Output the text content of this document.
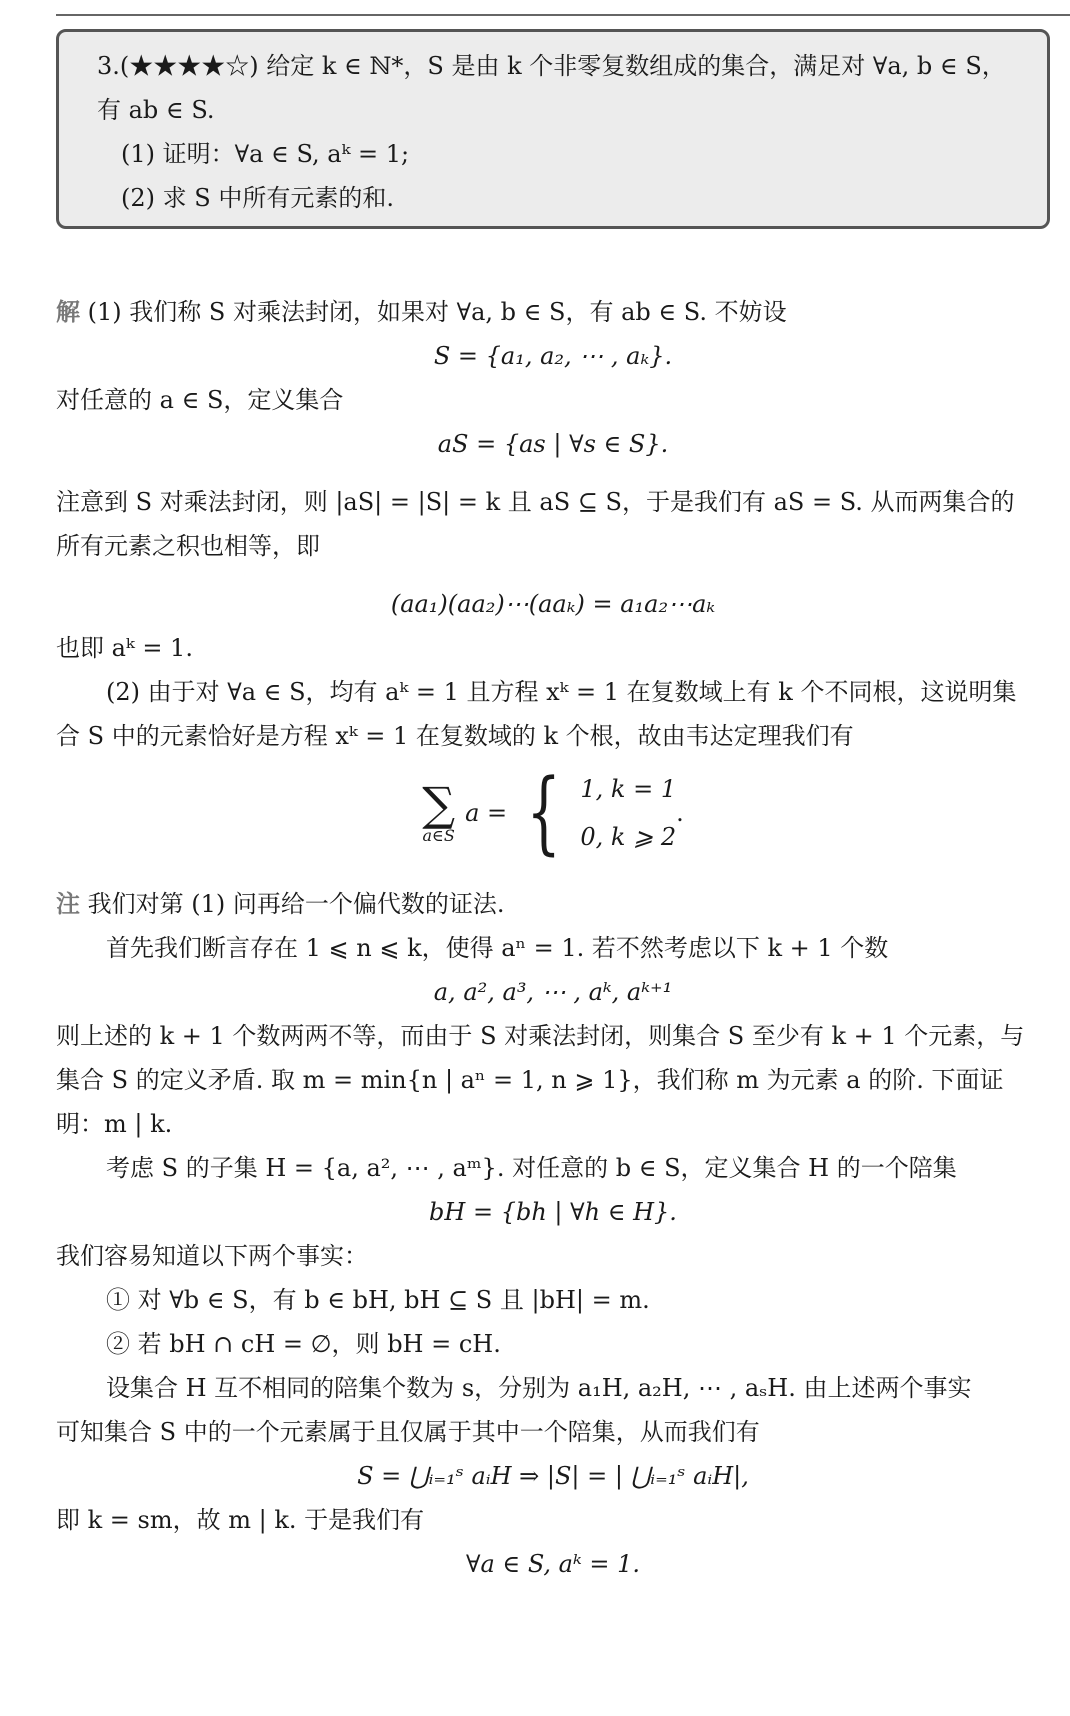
3.(★★★★☆) 给定 k ∈ ℕ*，S 是由 k 个非零复数组成的集合，满足对 ∀a, b ∈ S，

有 ab ∈ S.

(1) 证明：∀a ∈ S, aᵏ = 1;

(2) 求 S 中所有元素的和.

解 (1) 我们称 S 对乘法封闭，如果对 ∀a, b ∈ S，有 ab ∈ S. 不妨设

S = {a₁, a₂, ⋯ , aₖ}.

对任意的 a ∈ S，定义集合

aS = {as | ∀s ∈ S}.

注意到 S 对乘法封闭，则 |aS| = |S| = k 且 aS ⊆ S，于是我们有 aS = S. 从而两集合的

所有元素之积也相等，即

(aa₁)(aa₂)⋯(aaₖ) = a₁a₂⋯aₖ

也即 aᵏ = 1.

(2) 由于对 ∀a ∈ S，均有 aᵏ = 1 且方程 xᵏ = 1 在复数域上有 k 个不同根，这说明集

合 S 中的元素恰好是方程 xᵏ = 1 在复数域的 k 个根，故由韦达定理我们有

∑
a∈S
a = { 1, k = 1
0, k ⩾ 2
.

注 我们对第 (1) 问再给一个偏代数的证法.

首先我们断言存在 1 ⩽ n ⩽ k，使得 aⁿ = 1. 若不然考虑以下 k + 1 个数

a, a², a³, ⋯ , aᵏ, aᵏ⁺¹

则上述的 k + 1 个数两两不等，而由于 S 对乘法封闭，则集合 S 至少有 k + 1 个元素，与

集合 S 的定义矛盾. 取 m = min{n | aⁿ = 1, n ⩾ 1}，我们称 m 为元素 a 的阶. 下面证

明：m | k.

考虑 S 的子集 H = {a, a², ⋯ , aᵐ}. 对任意的 b ∈ S，定义集合 H 的一个陪集

bH = {bh | ∀h ∈ H}.

我们容易知道以下两个事实：

① 对 ∀b ∈ S，有 b ∈ bH, bH ⊆ S 且 |bH| = m.

② 若 bH ∩ cH = ∅，则 bH = cH.

设集合 H 互不相同的陪集个数为 s，分别为 a₁H, a₂H, ⋯ , aₛH. 由上述两个事实

可知集合 S 中的一个元素属于且仅属于其中一个陪集，从而我们有

S = ⋃ᵢ₌₁ˢ aᵢH ⇒ |S| = | ⋃ᵢ₌₁ˢ aᵢH|,

即 k = sm，故 m | k. 于是我们有

∀a ∈ S, aᵏ = 1.
